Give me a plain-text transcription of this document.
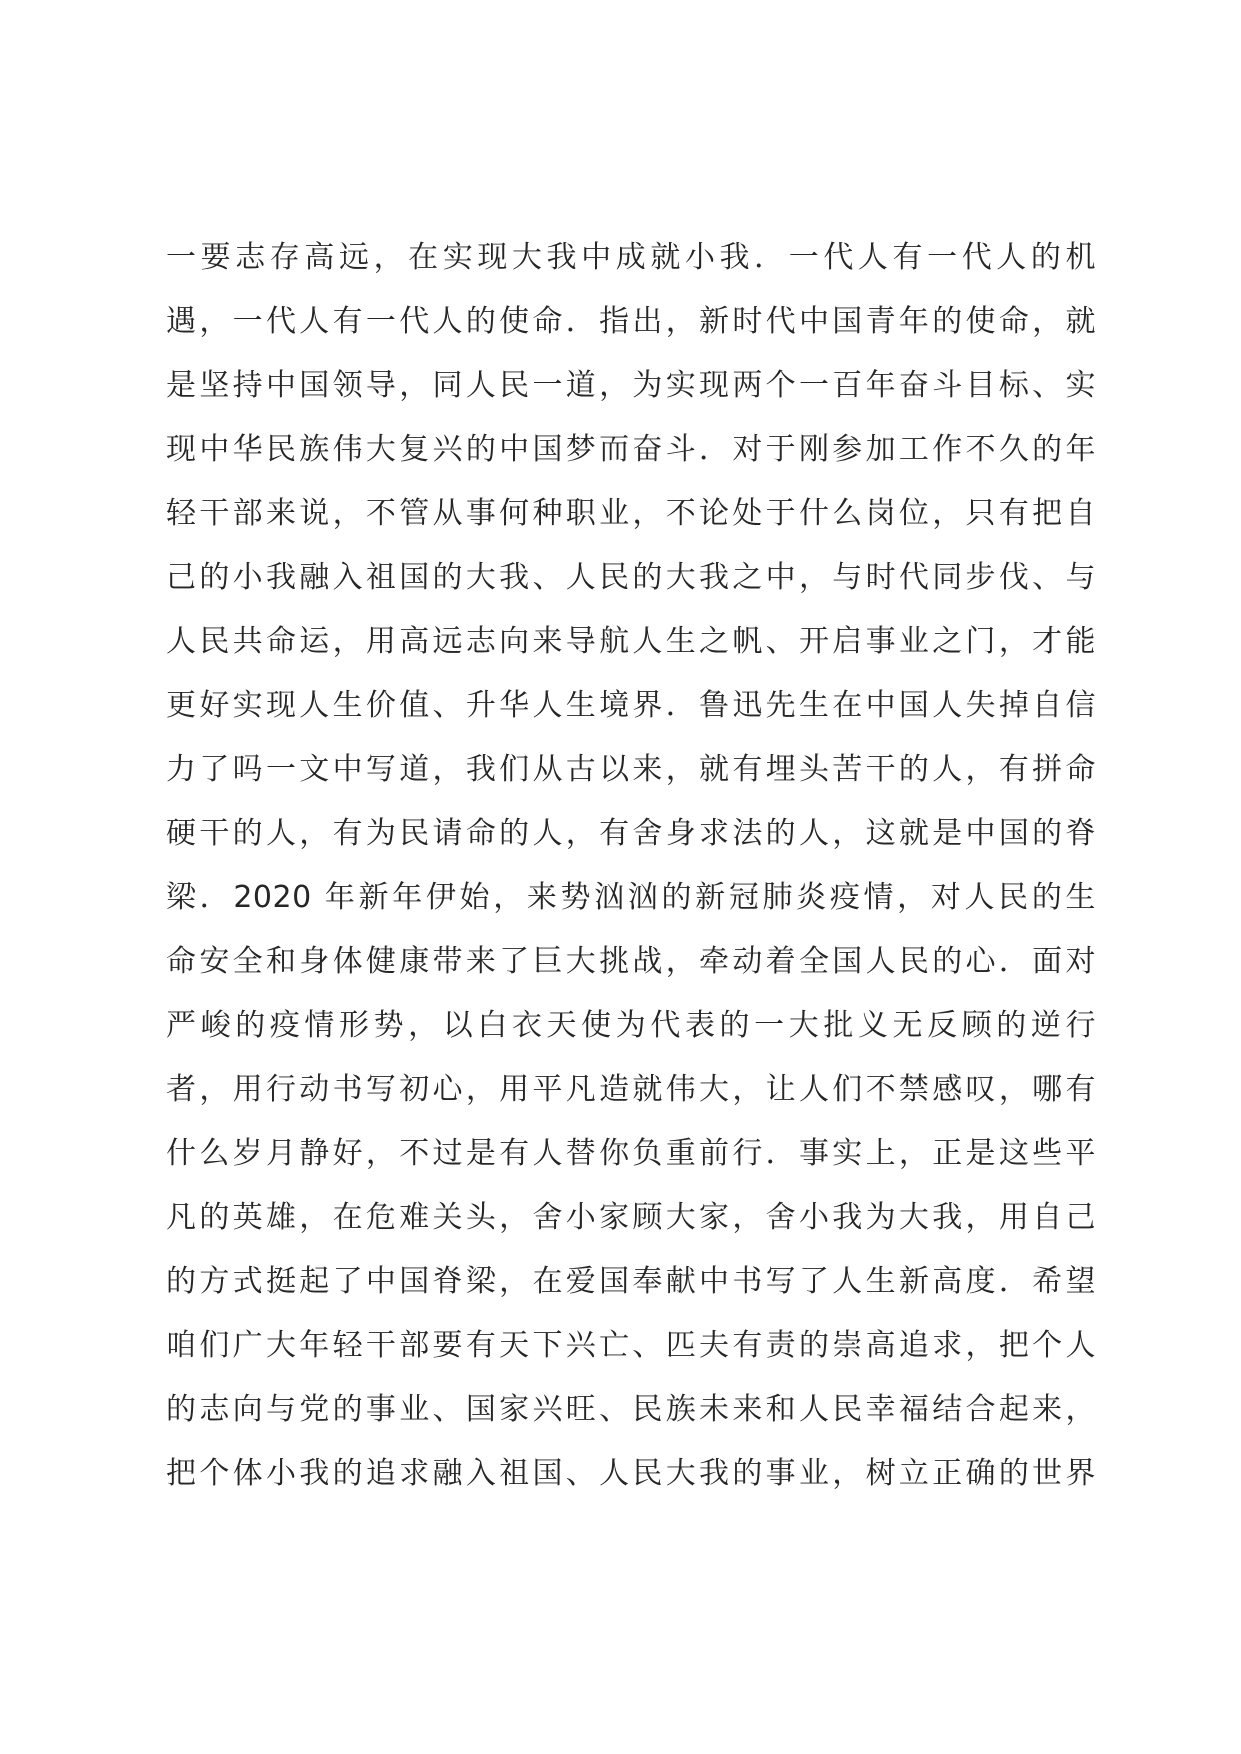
一要志存高远，在实现大我中成就小我．一代人有一代人的机
遇，一代人有一代人的使命．指出，新时代中国青年的使命，就
是坚持中国领导，同人民一道，为实现两个一百年奋斗目标、实
现中华民族伟大复兴的中国梦而奋斗．对于刚参加工作不久的年
轻干部来说，不管从事何种职业，不论处于什么岗位，只有把自
己的小我融入祖国的大我、人民的大我之中，与时代同步伐、与
人民共命运，用高远志向来导航人生之帆、开启事业之门，才能
更好实现人生价值、升华人生境界．鲁迅先生在中国人失掉自信
力了吗一文中写道，我们从古以来，就有埋头苦干的人，有拼命
硬干的人，有为民请命的人，有舍身求法的人，这就是中国的脊
梁．2020 年新年伊始，来势汹汹的新冠肺炎疫情，对人民的生
命安全和身体健康带来了巨大挑战，牵动着全国人民的心．面对
严峻的疫情形势，以白衣天使为代表的一大批义无反顾的逆行
者，用行动书写初心，用平凡造就伟大，让人们不禁感叹，哪有
什么岁月静好，不过是有人替你负重前行．事实上，正是这些平
凡的英雄，在危难关头，舍小家顾大家，舍小我为大我，用自己
的方式挺起了中国脊梁，在爱国奉献中书写了人生新高度．希望
咱们广大年轻干部要有天下兴亡、匹夫有责的崇高追求，把个人
的志向与党的事业、国家兴旺、民族未来和人民幸福结合起来，
把个体小我的追求融入祖国、人民大我的事业，树立正确的世界
